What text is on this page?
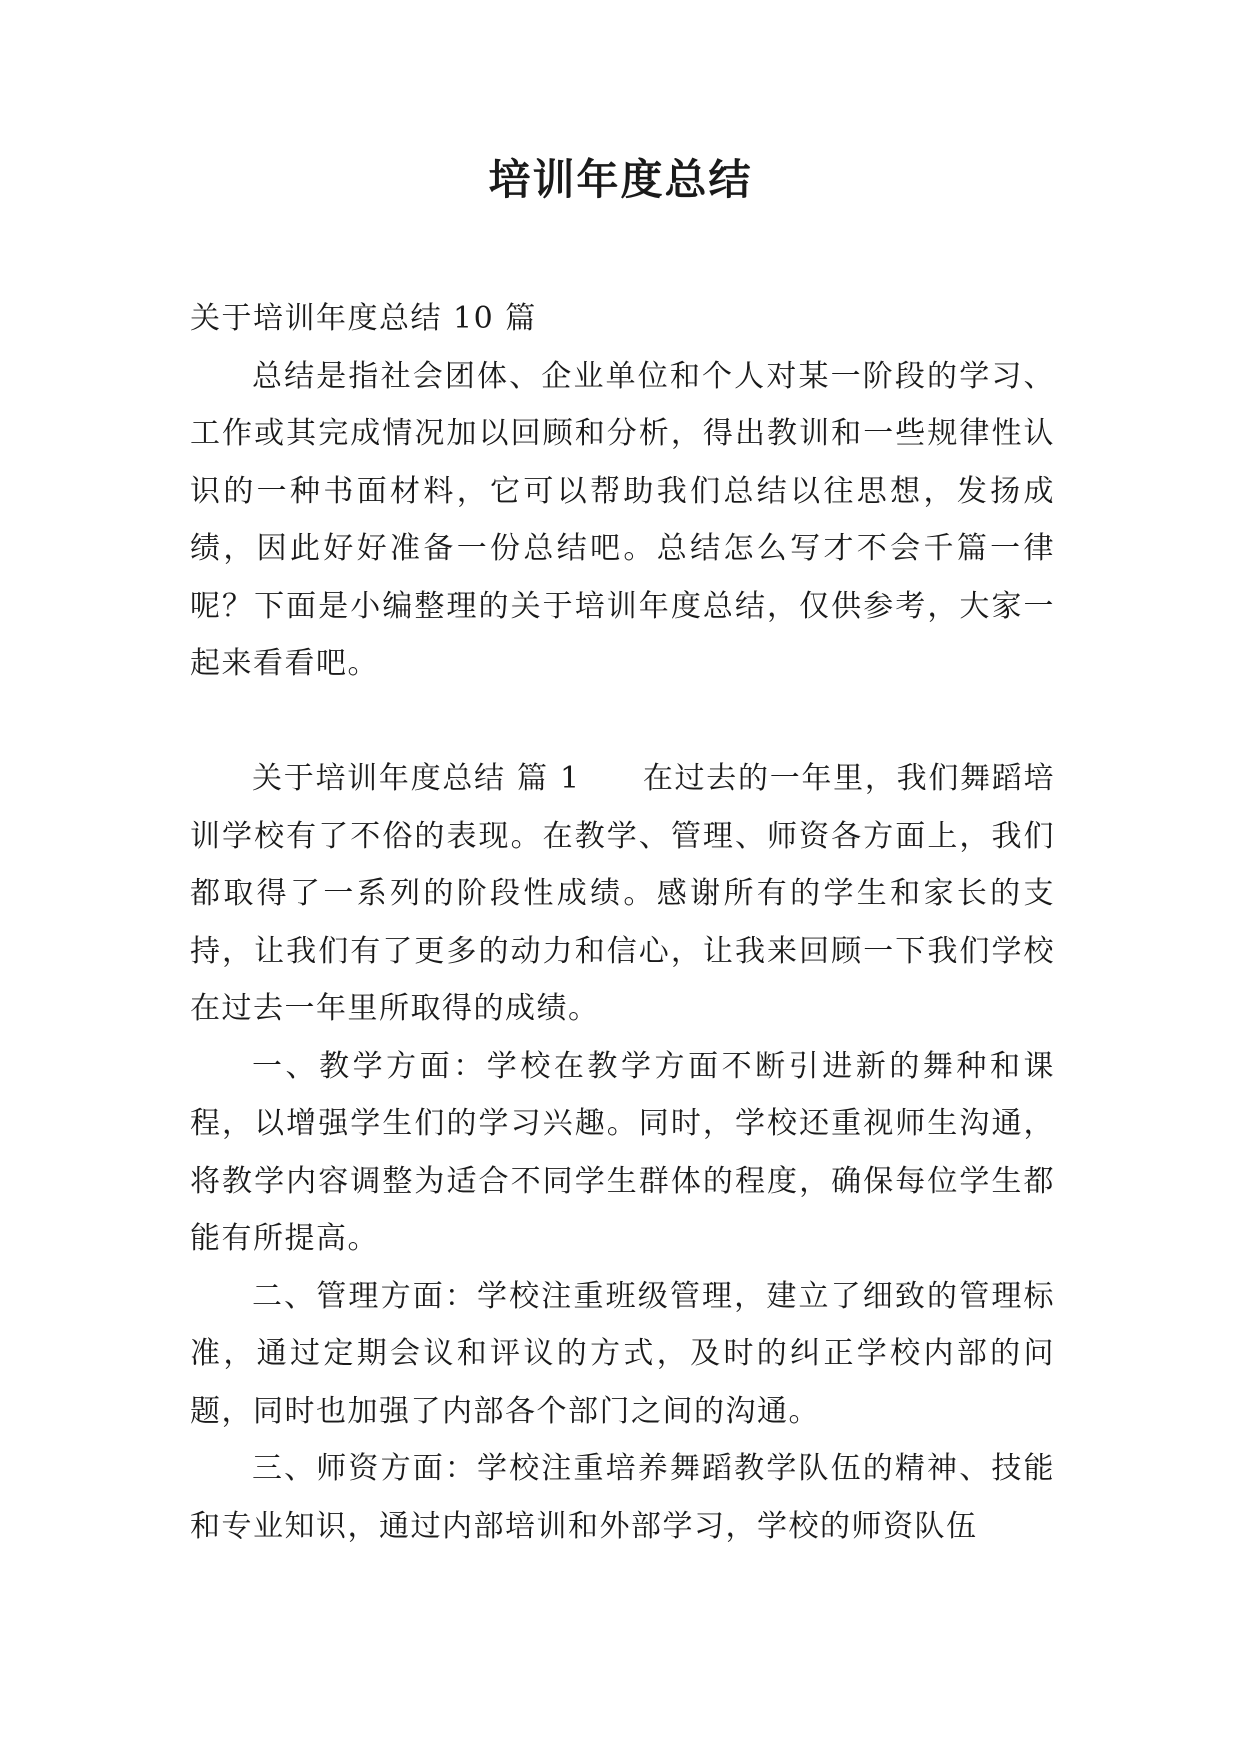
培训年度总结

关于培训年度总结 10 篇

总结是指社会团体、企业单位和个人对某一阶段的学习、工作或其完成情况加以回顾和分析，得出教训和一些规律性认识的一种书面材料，它可以帮助我们总结以往思想，发扬成绩，因此好好准备一份总结吧。总结怎么写才不会千篇一律呢？下面是小编整理的关于培训年度总结，仅供参考，大家一起来看看吧。

关于培训年度总结 篇 1 在过去的一年里，我们舞蹈培训学校有了不俗的表现。在教学、管理、师资各方面上，我们都取得了一系列的阶段性成绩。感谢所有的学生和家长的支持，让我们有了更多的动力和信心，让我来回顾一下我们学校在过去一年里所取得的成绩。

一、教学方面：学校在教学方面不断引进新的舞种和课程，以增强学生们的学习兴趣。同时，学校还重视师生沟通，将教学内容调整为适合不同学生群体的程度，确保每位学生都能有所提高。

二、管理方面：学校注重班级管理，建立了细致的管理标准，通过定期会议和评议的方式，及时的纠正学校内部的问题，同时也加强了内部各个部门之间的沟通。

三、师资方面：学校注重培养舞蹈教学队伍的精神、技能和专业知识，通过内部培训和外部学习，学校的师资队伍
